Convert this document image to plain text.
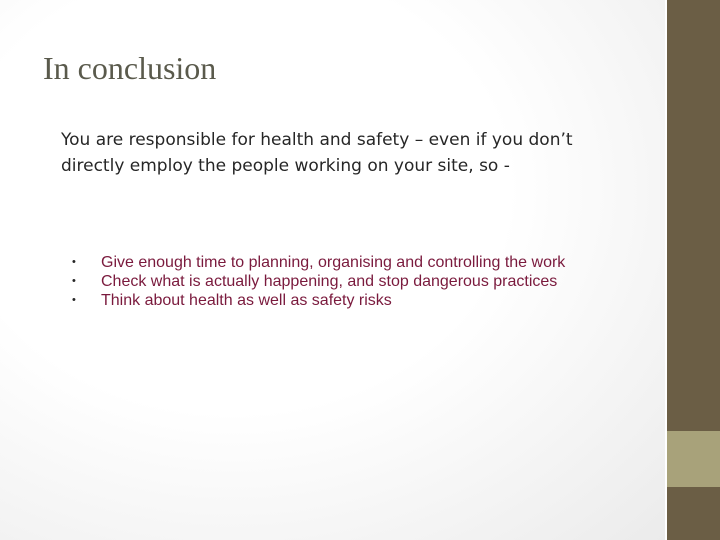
In conclusion
You are responsible for health and safety – even if you don’t directly employ the people working on your site, so -
• Give enough time to planning, organising and controlling the work
• Check what is actually happening, and stop dangerous practices
• Think about health as well as safety risks
